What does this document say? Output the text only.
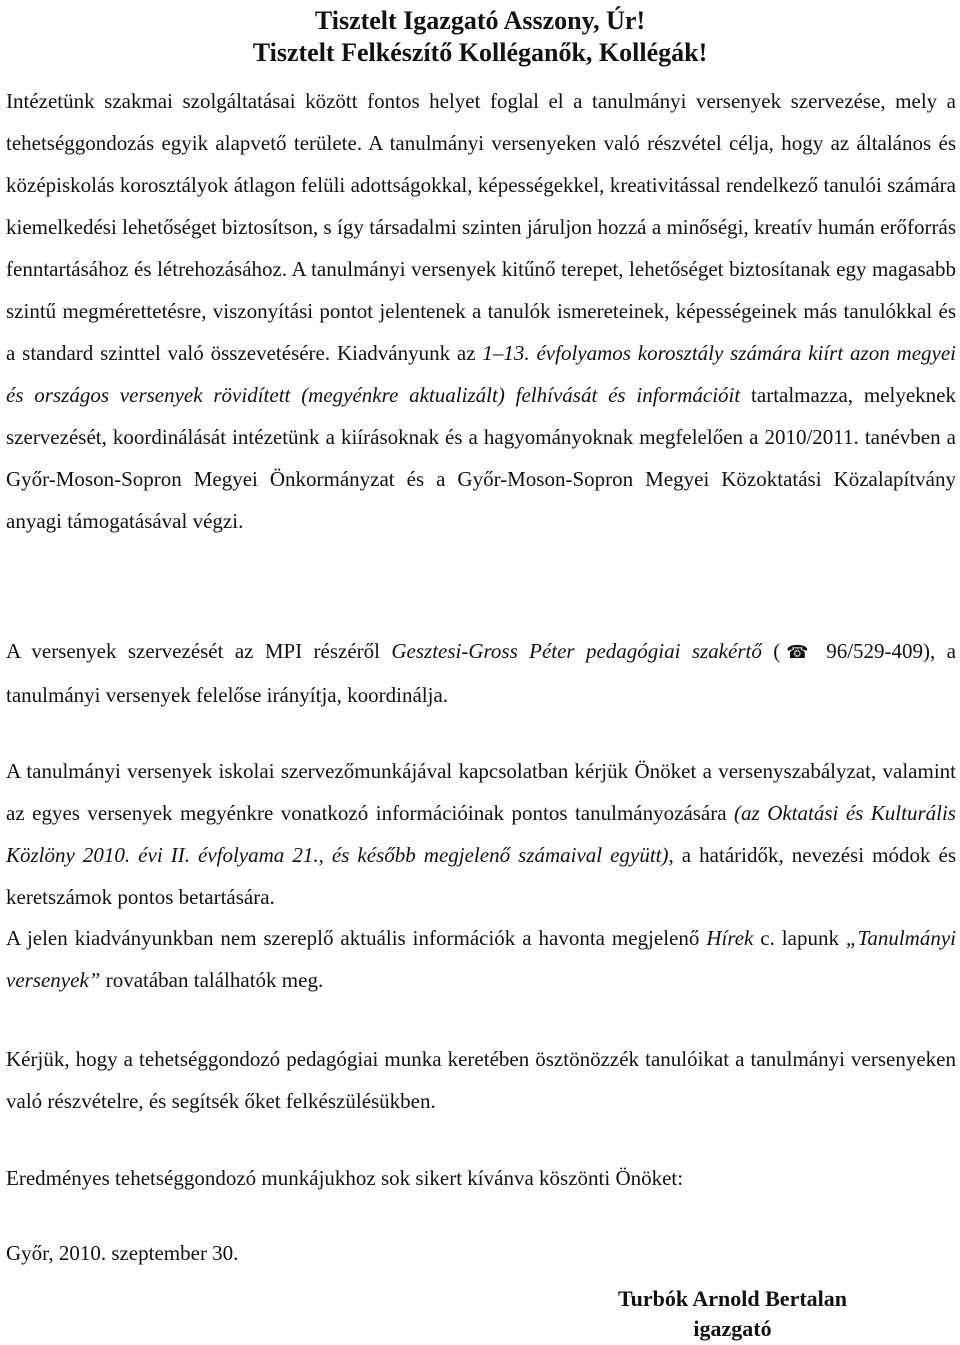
Tisztelt Igazgató Asszony, Úr!
Tisztelt Felkészítő Kolléganők, Kollégák!

Intézetünk szakmai szolgáltatásai között fontos helyet foglal el a tanulmányi versenyek szervezése, mely a tehetséggondozás egyik alapvető területe. A tanulmányi versenyeken való részvétel célja, hogy az általános és középiskolás korosztályok átlagon felüli adottságokkal, képességekkel, kreativitással rendelkező tanulói számára kiemelkedési lehetőséget biztosítson, s így társadalmi szinten járuljon hozzá a minőségi, kreatív humán erőforrás fenntartásához és létrehozásához. A tanulmányi versenyek kitűnő terepet, lehetőséget biztosítanak egy magasabb szintű megmérettetésre, viszonyítási pontot jelentenek a tanulók ismereteinek, képességeinek más tanulókkal és a standard szinttel való összevetésére. Kiadványunk az 1–13. évfolyamos korosztály számára kiírt azon megyei és országos versenyek rövidített (megyénkre aktualizált) felhívását és információit tartalmazza, melyeknek szervezését, koordinálását intézetünk a kiírásoknak és a hagyományoknak megfelelően a 2010/2011. tanévben a Győr-Moson-Sopron Megyei Önkormányzat és a Győr-Moson-Sopron Megyei Közoktatási Közalapítvány anyagi támogatásával végzi.

A versenyek szervezését az MPI részéről Gesztesi-Gross Péter pedagógiai szakértő (☎ 96/529-409), a tanulmányi versenyek felelőse irányítja, koordinálja.

A tanulmányi versenyek iskolai szervezőmunkájával kapcsolatban kérjük Önöket a versenyszabályzat, valamint az egyes versenyek megyénkre vonatkozó információinak pontos tanulmányozására (az Oktatási és Kulturális Közlöny 2010. évi II. évfolyama 21., és később megjelenő számaival együtt), a határidők, nevezési módok és keretszámok pontos betartására.

A jelen kiadványunkban nem szereplő aktuális információk a havonta megjelenő Hírek c. lapunk „Tanulmányi versenyek” rovatában találhatók meg.

Kérjük, hogy a tehetséggondozó pedagógiai munka keretében ösztönözzék tanulóikat a tanulmányi versenyeken való részvételre, és segítsék őket felkészülésükben.

Eredményes tehetséggondozó munkájukhoz sok sikert kívánva köszönti Önöket:

Győr, 2010. szeptember 30.

Turbók Arnold Bertalan
igazgató
